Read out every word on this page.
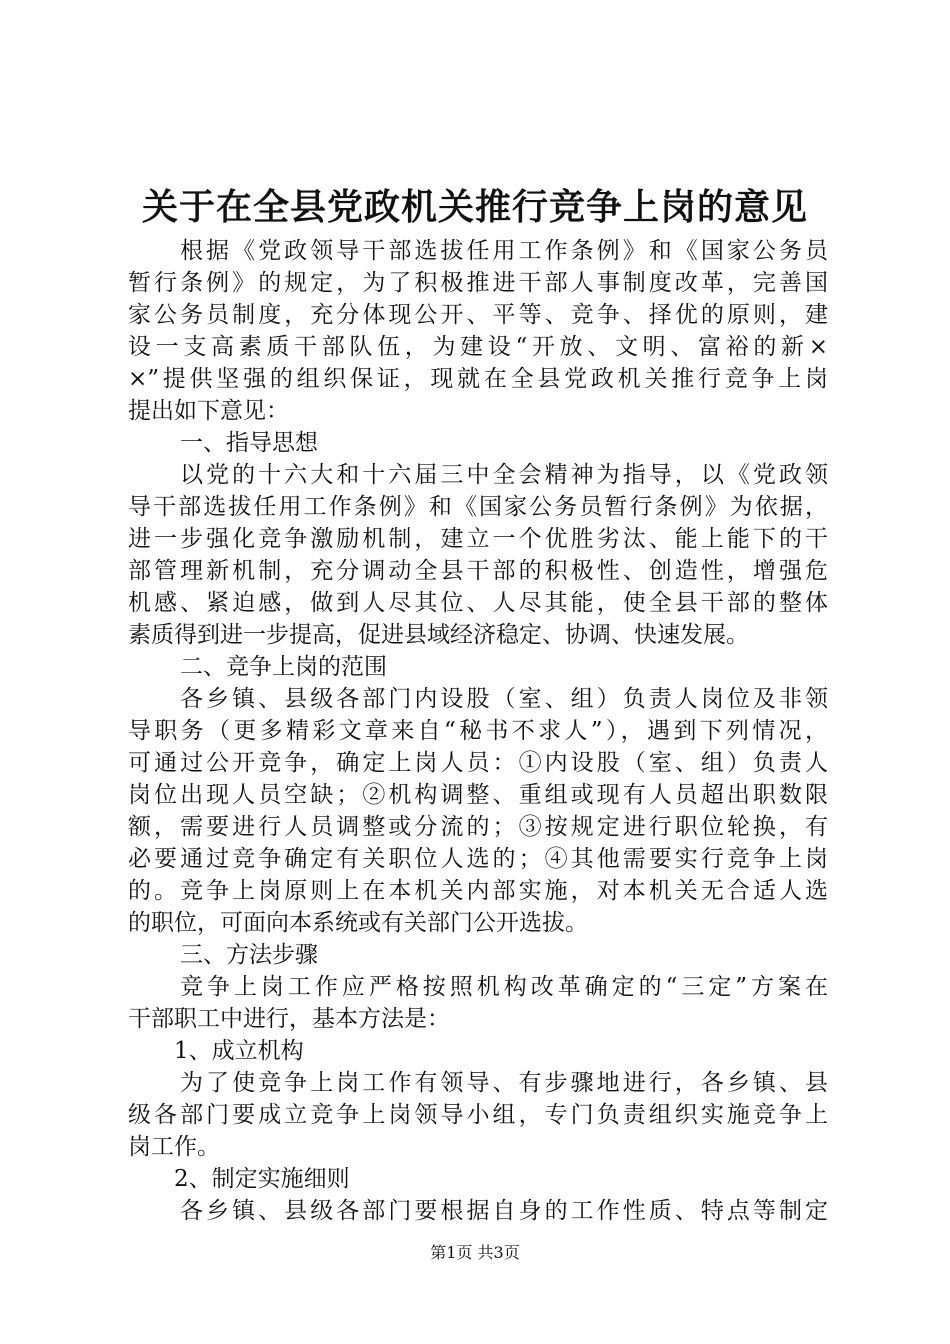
关于在全县党政机关推行竞争上岗的意见
根据《党政领导干部选拔任用工作条例》和《国家公务员
暂行条例》的规定，为了积极推进干部人事制度改革，完善国
家公务员制度，充分体现公开、平等、竞争、择优的原则，建
设一支高素质干部队伍，为建设“开放、文明、富裕的新×
×”提供坚强的组织保证，现就在全县党政机关推行竞争上岗
提出如下意见：
一、指导思想
以党的十六大和十六届三中全会精神为指导，以《党政领
导干部选拔任用工作条例》和《国家公务员暂行条例》为依据，
进一步强化竞争激励机制，建立一个优胜劣汰、能上能下的干
部管理新机制，充分调动全县干部的积极性、创造性，增强危
机感、紧迫感，做到人尽其位、人尽其能，使全县干部的整体
素质得到进一步提高，促进县域经济稳定、协调、快速发展。
二、竞争上岗的范围
各乡镇、县级各部门内设股（室、组）负责人岗位及非领
导职务（更多精彩文章来自“秘书不求人”），遇到下列情况，
可通过公开竞争，确定上岗人员：①内设股（室、组）负责人
岗位出现人员空缺；②机构调整、重组或现有人员超出职数限
额，需要进行人员调整或分流的；③按规定进行职位轮换，有
必要通过竞争确定有关职位人选的；④其他需要实行竞争上岗
的。竞争上岗原则上在本机关内部实施，对本机关无合适人选
的职位，可面向本系统或有关部门公开选拔。
三、方法步骤
竞争上岗工作应严格按照机构改革确定的“三定”方案在
干部职工中进行，基本方法是：
1、成立机构
为了使竞争上岗工作有领导、有步骤地进行，各乡镇、县
级各部门要成立竞争上岗领导小组，专门负责组织实施竞争上
岗工作。
2、制定实施细则
各乡镇、县级各部门要根据自身的工作性质、特点等制定
第1页 共3页
